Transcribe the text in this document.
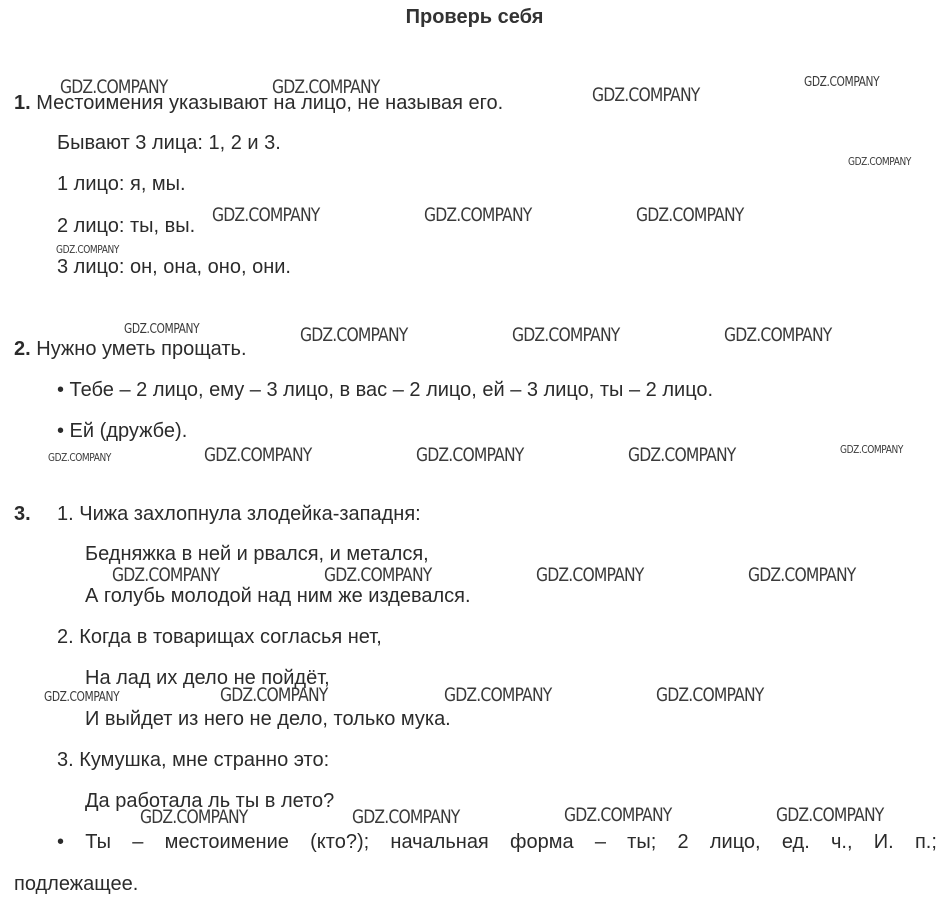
Проверь себя
1. Местоимения указывают на лицо, не называя его.
Бывают 3 лица: 1, 2 и 3.
1 лицо: я, мы.
2 лицо: ты, вы.
3 лицо: он, она, оно, они.
2. Нужно уметь прощать.
• Тебе – 2 лицо, ему – 3 лицо, в вас – 2 лицо, ей – 3 лицо, ты – 2 лицо.
• Ей (дружбе).
3. 1. Чижа захлопнула злодейка-западня:
Бедняжка в ней и рвался, и метался,
А голубь молодой над ним же издевался.
2. Когда в товарищах согласья нет,
На лад их дело не пойдёт,
И выйдет из него не дело, только мука.
3. Кумушка, мне странно это:
Да работала ль ты в лето?
• Ты – местоимение (кто?); начальная форма – ты; 2 лицо, ед. ч., И. п.;
подлежащее.
GDZ.COMPANY	GDZ.COMPANY	GDZ.COMPANY
GDZ.COMPANY
GDZ.COMPANY
GDZ.COMPANY	GDZ.COMPANY	GDZ.COMPANY
GDZ.COMPANY
GDZ.COMPANY	GDZ.COMPANY	GDZ.COMPANY	GDZ.COMPANY
GDZ.COMPANY	GDZ.COMPANY	GDZ.COMPANY	GDZ.COMPANY	GDZ.COMPANY
GDZ.COMPANY	GDZ.COMPANY	GDZ.COMPANY	GDZ.COMPANY
GDZ.COMPANY	GDZ.COMPANY	GDZ.COMPANY	GDZ.COMPANY
GDZ.COMPANY	GDZ.COMPANY	GDZ.COMPANY	GDZ.COMPANY
